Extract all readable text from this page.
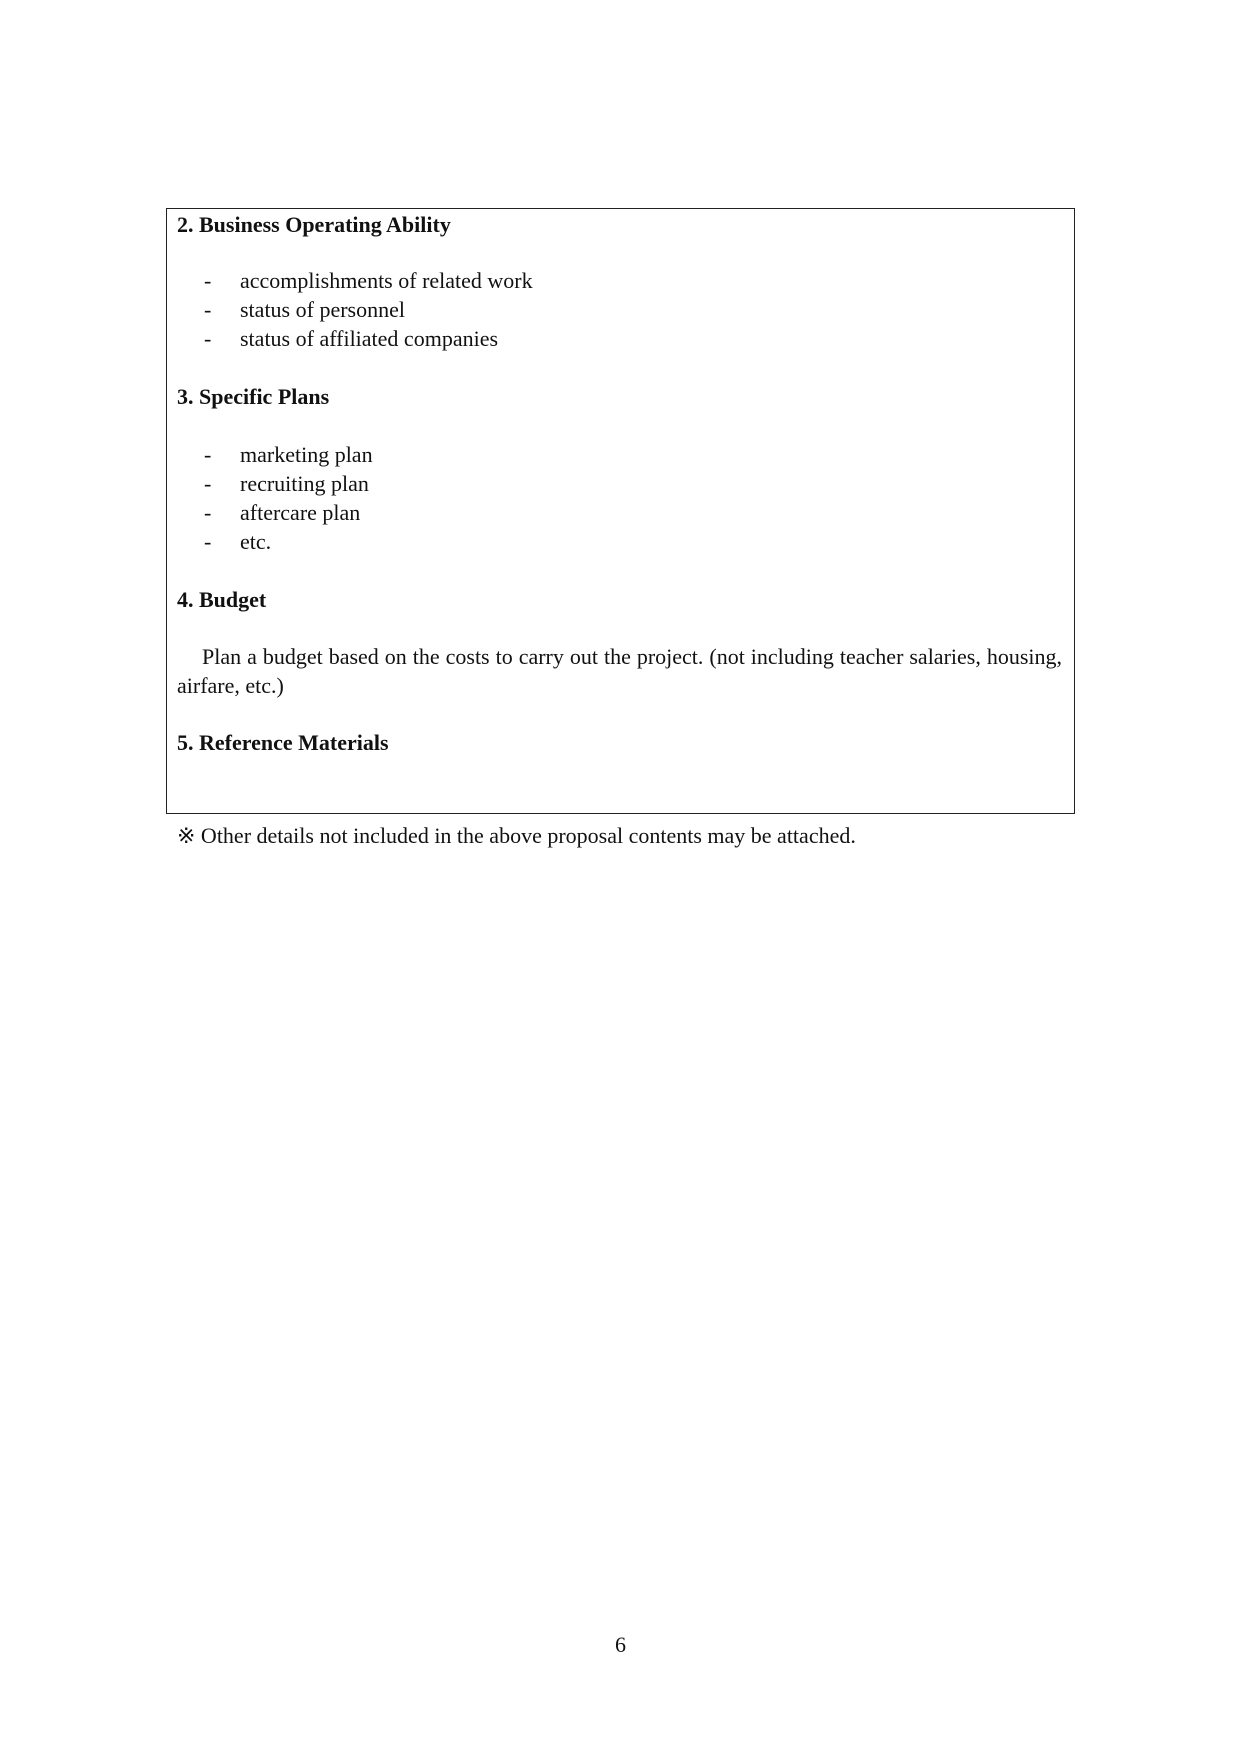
2. Business Operating Ability
- accomplishments of related work
- status of personnel
- status of affiliated companies
3. Specific Plans
- marketing plan
- recruiting plan
- aftercare plan
- etc.
4. Budget
Plan a budget based on the costs to carry out the project. (not including teacher salaries, housing, airfare, etc.)
5. Reference Materials
※ Other details not included in the above proposal contents may be attached.
6
